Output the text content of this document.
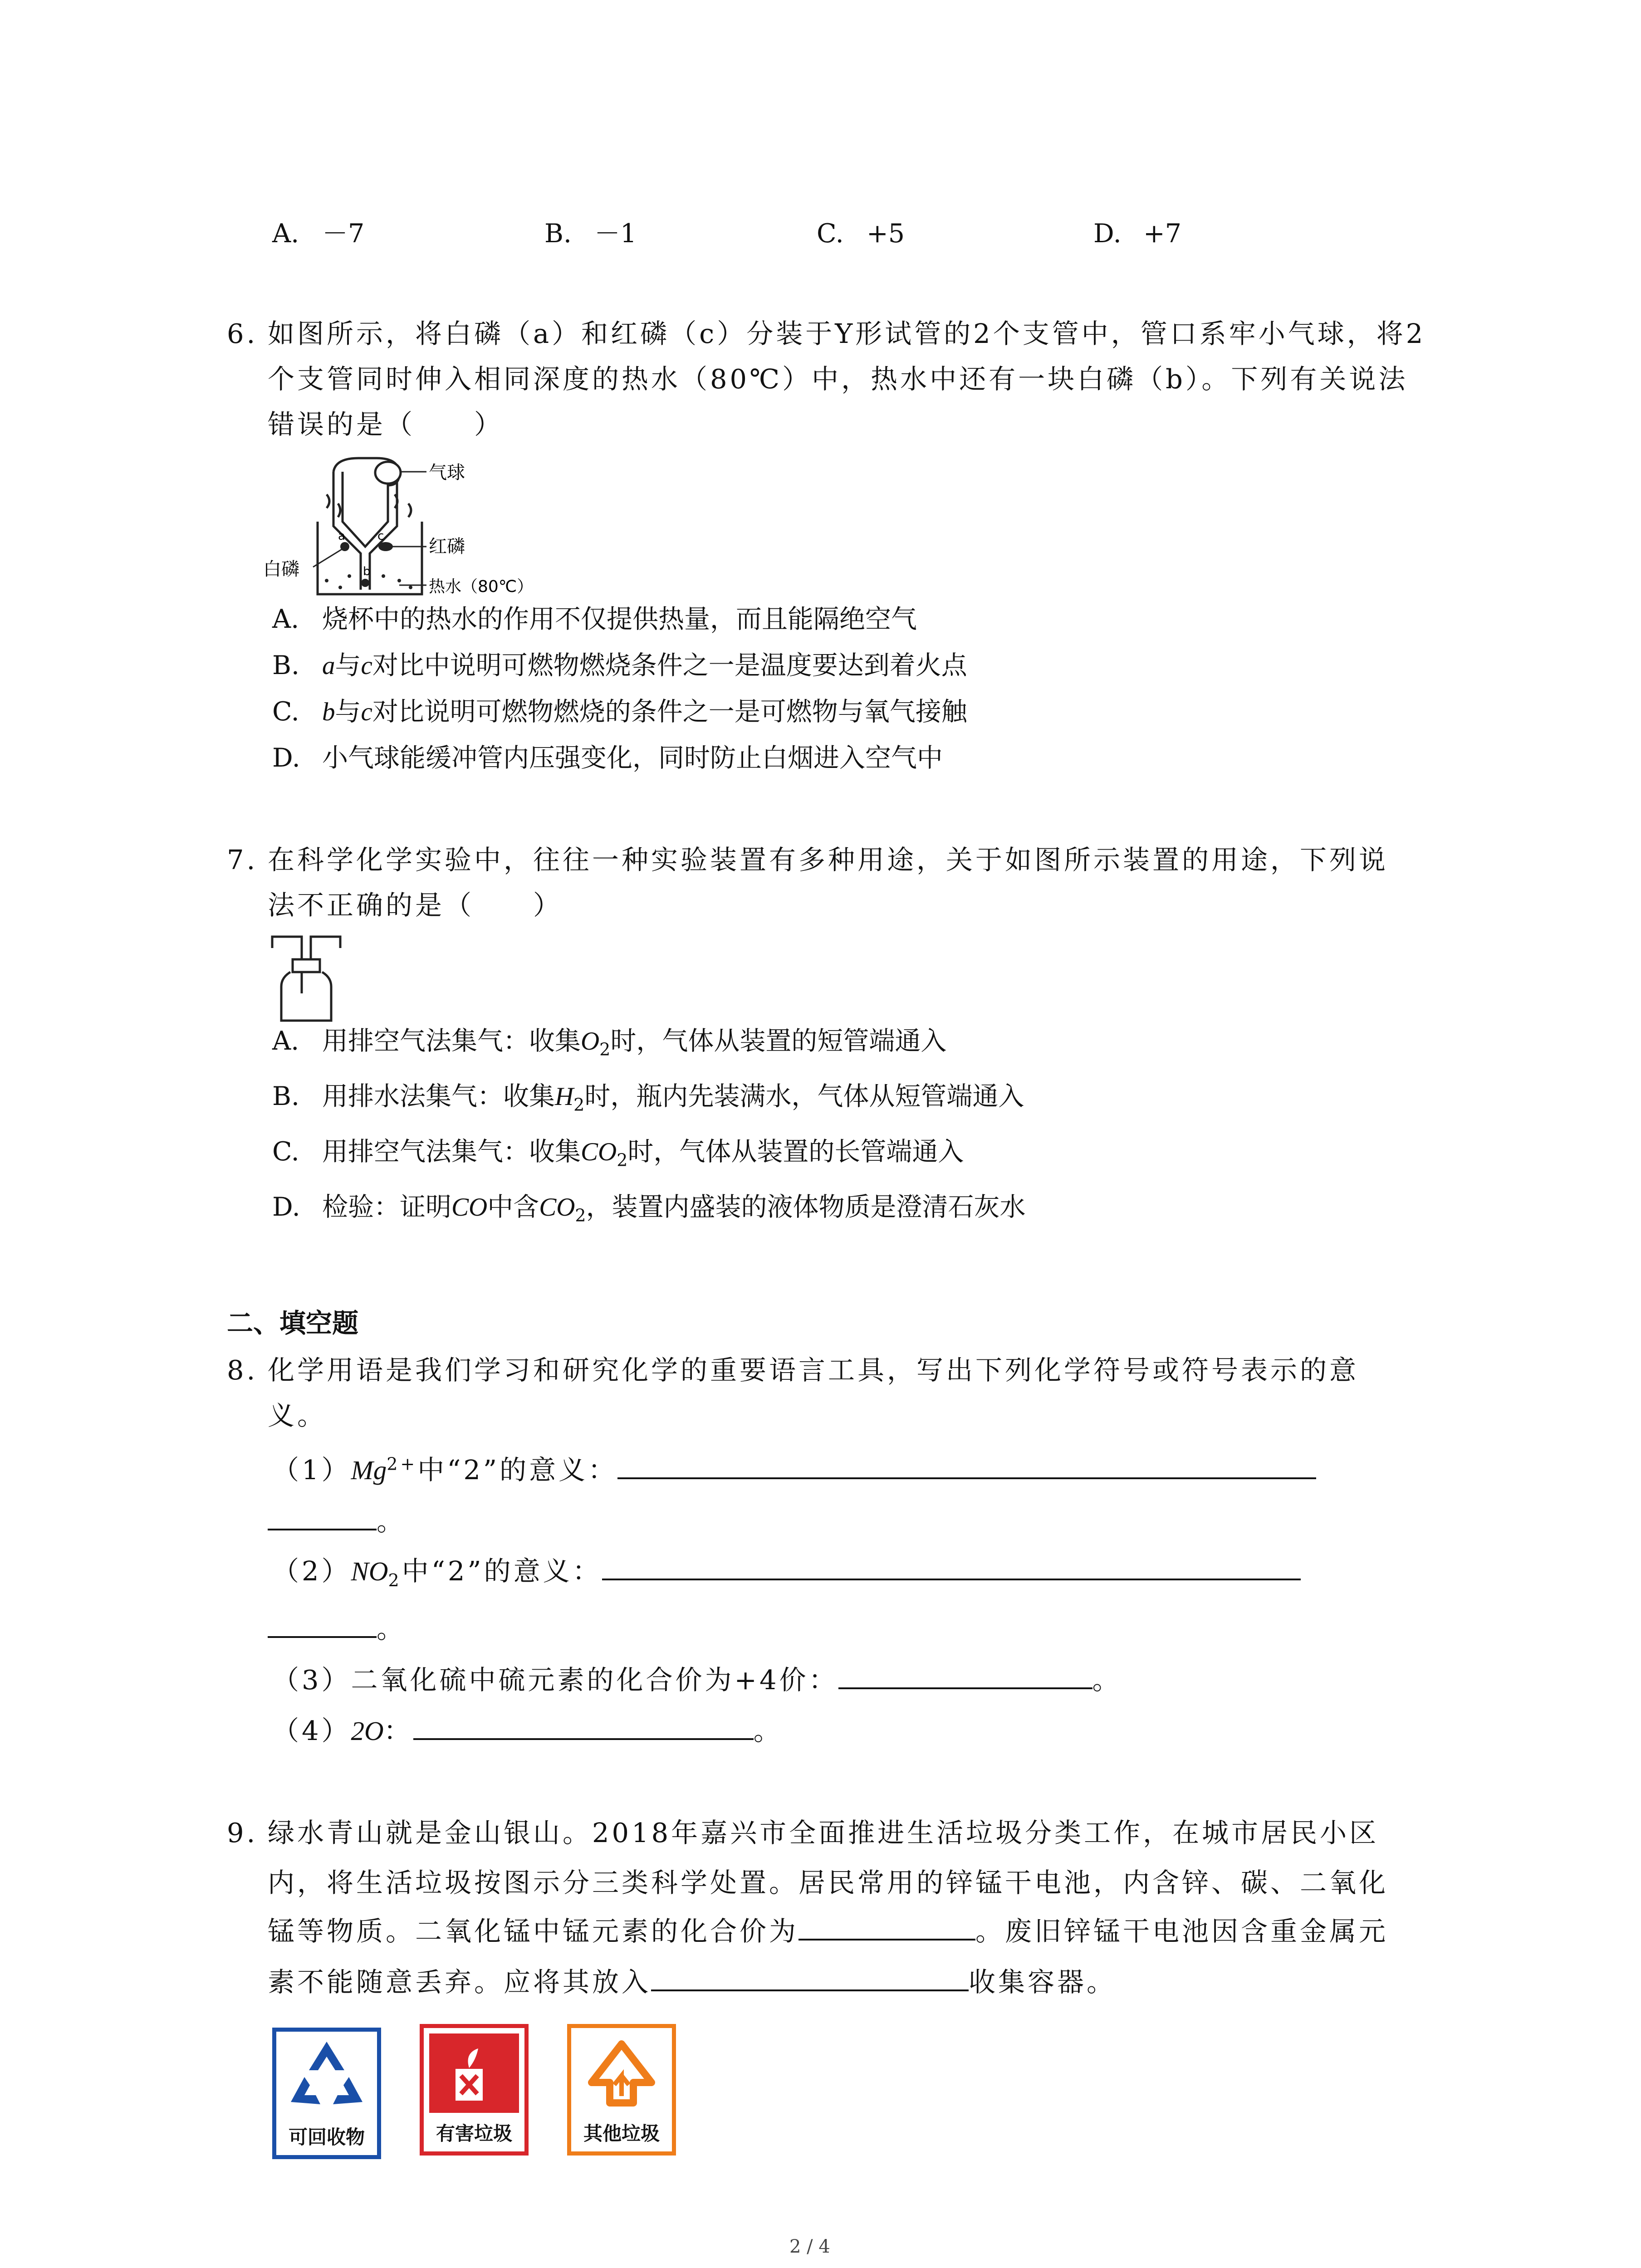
A. －7	B. －1	C. +5	D. +7
6. 如图所示，将白磷（a）和红磷（c）分装于Y形试管的2个支管中，管口系牢小气球，将2
个支管同时伸入相同深度的热水（80℃）中，热水中还有一块白磷（b）。下列有关说法
错误的是（　　）
气球
红磷
白磷
热水（80℃）
a
b
c
A. 烧杯中的热水的作用不仅提供热量，而且能隔绝空气
B. a与c对比中说明可燃物燃烧条件之一是温度要达到着火点
C. b与c对比说明可燃物燃烧的条件之一是可燃物与氧气接触
D. 小气球能缓冲管内压强变化，同时防止白烟进入空气中
7. 在科学化学实验中，往往一种实验装置有多种用途，关于如图所示装置的用途，下列说
法不正确的是（　　）
A. 用排空气法集气：收集$O_2$时，气体从装置的短管端通入
B. 用排水法集气：收集$H_2$时，瓶内先装满水，气体从短管端通入
C. 用排空气法集气：收集$CO_2$时，气体从装置的长管端通入
D. 检验：证明CO中含$CO_2$，装置内盛装的液体物质是澄清石灰水
二、填空题
8. 化学用语是我们学习和研究化学的重要语言工具，写出下列化学符号或符号表示的意
义。
$(1)Mg^{2+}$中“2”的意义：
。
$(2)NO_2$中“2”的意义：
。
（3）二氧化硫中硫元素的化合价为+4价：	。
（4）2O：	。
9. 绿水青山就是金山银山。2018年嘉兴市全面推进生活垃圾分类工作，在城市居民小区
内，将生活垃圾按图示分三类科学处置。居民常用的锌锰干电池，内含锌、碳、二氧化
锰等物质。二氧化锰中锰元素的化合价为	。废旧锌锰干电池因含重金属元
素不能随意丢弃。应将其放入	收集容器。
可回收物	有害垃圾	其他垃圾
2 / 4
